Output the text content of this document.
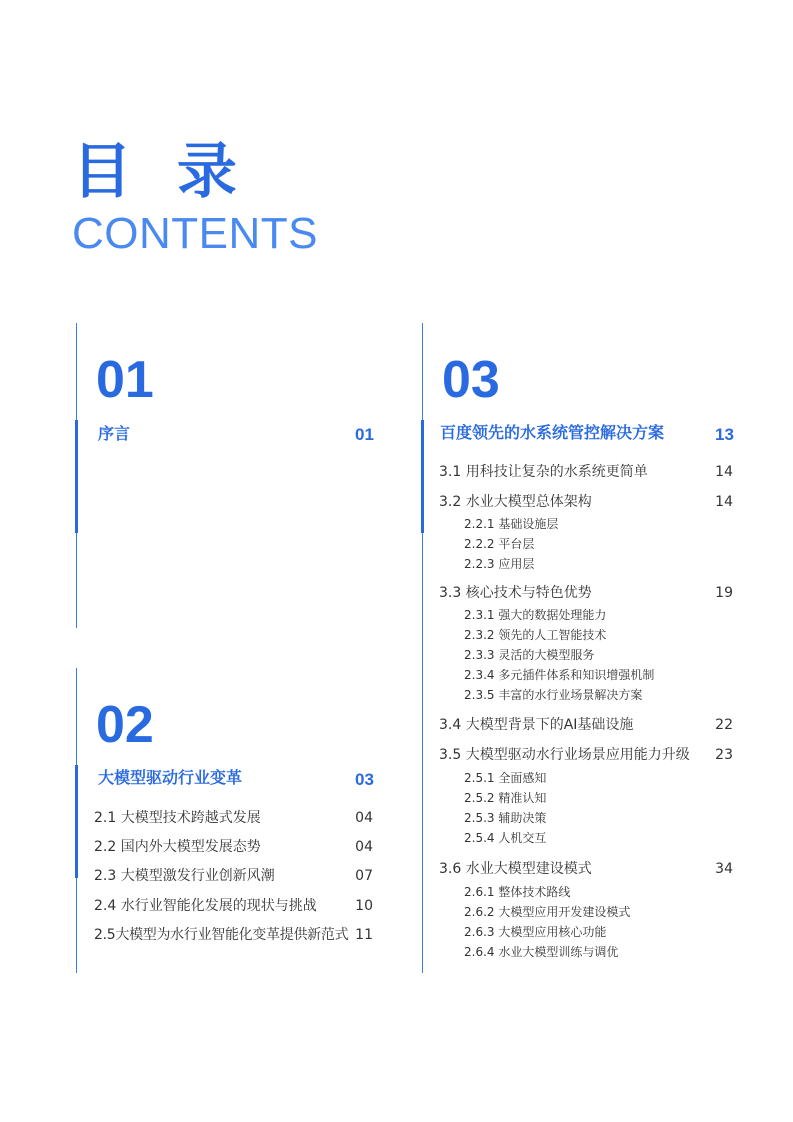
目 录
CONTENTS
01
序言	01
02
大模型驱动行业变革	03
2.1 大模型技术跨越式发展	04
2.2 国内外大模型发展态势	04
2.3 大模型激发行业创新风潮	07
2.4 水行业智能化发展的现状与挑战	10
2.5大模型为水行业智能化变革提供新范式 11
03
百度领先的水系统管控解决方案	13
3.1 用科技让复杂的水系统更简单	14
3.2 水业大模型总体架构	14
2.2.1 基础设施层
2.2.2 平台层
2.2.3 应用层
3.3 核心技术与特色优势	19
2.3.1 强大的数据处理能力
2.3.2 领先的人工智能技术
2.3.3 灵活的大模型服务
2.3.4 多元插件体系和知识增强机制
2.3.5 丰富的水行业场景解决方案
3.4 大模型背景下的AI基础设施	22
3.5 大模型驱动水行业场景应用能力升级	23
2.5.1 全面感知
2.5.2 精准认知
2.5.3 辅助决策
2.5.4 人机交互
3.6 水业大模型建设模式	34
2.6.1 整体技术路线
2.6.2 大模型应用开发建设模式
2.6.3 大模型应用核心功能
2.6.4 水业大模型训练与调优
